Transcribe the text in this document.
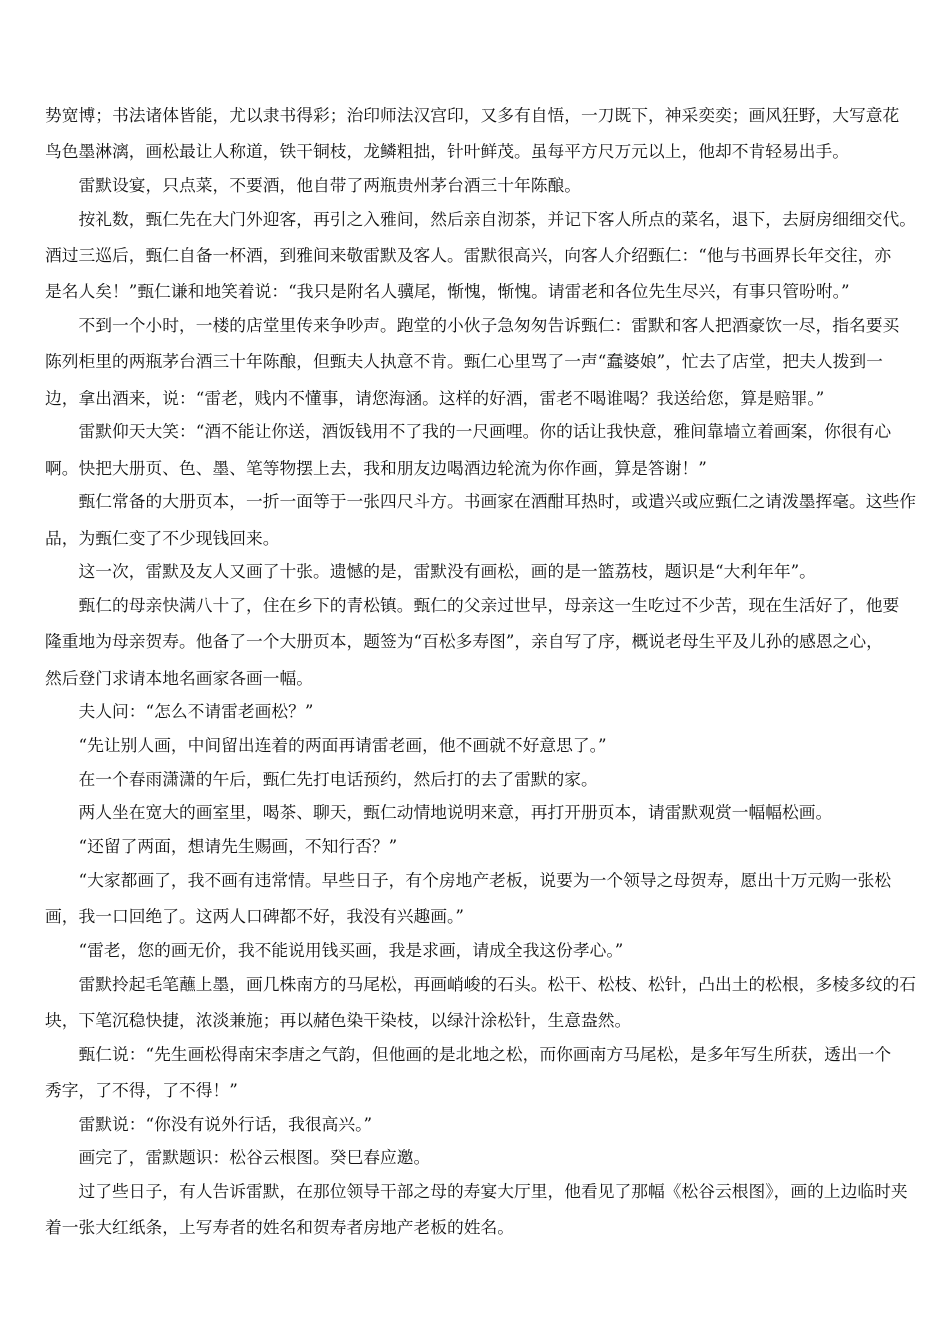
势宽博；书法诸体皆能，尤以隶书得彩；治印师法汉宫印，又多有自悟，一刀既下，神采奕奕；画风狂野，大写意花
鸟色墨淋漓，画松最让人称道，铁干铜枝，龙鳞粗拙，针叶鲜茂。虽每平方尺万元以上，他却不肯轻易出手。
雷默设宴，只点菜，不要酒，他自带了两瓶贵州茅台酒三十年陈酿。
按礼数，甄仁先在大门外迎客，再引之入雅间，然后亲自沏茶，并记下客人所点的菜名，退下，去厨房细细交代。
酒过三巡后，甄仁自备一杯酒，到雅间来敬雷默及客人。雷默很高兴，向客人介绍甄仁：“他与书画界长年交往，亦
是名人矣！”甄仁谦和地笑着说：“我只是附名人骥尾，惭愧，惭愧。请雷老和各位先生尽兴，有事只管吩咐。”
不到一个小时，一楼的店堂里传来争吵声。跑堂的小伙子急匆匆告诉甄仁：雷默和客人把酒豪饮一尽，指名要买
陈列柜里的两瓶茅台酒三十年陈酿，但甄夫人执意不肯。甄仁心里骂了一声“蠢婆娘”，忙去了店堂，把夫人拨到一
边，拿出酒来，说：“雷老，贱内不懂事，请您海涵。这样的好酒，雷老不喝谁喝？我送给您，算是赔罪。”
雷默仰天大笑：“酒不能让你送，酒饭钱用不了我的一尺画哩。你的话让我快意，雅间靠墙立着画案，你很有心
啊。快把大册页、色、墨、笔等物摆上去，我和朋友边喝酒边轮流为你作画，算是答谢！”
甄仁常备的大册页本，一折一面等于一张四尺斗方。书画家在酒酣耳热时，或遣兴或应甄仁之请泼墨挥毫。这些作
品，为甄仁变了不少现钱回来。
这一次，雷默及友人又画了十张。遗憾的是，雷默没有画松，画的是一篮荔枝，题识是“大利年年”。
甄仁的母亲快满八十了，住在乡下的青松镇。甄仁的父亲过世早，母亲这一生吃过不少苦，现在生活好了，他要
隆重地为母亲贺寿。他备了一个大册页本，题签为“百松多寿图”，亲自写了序，概说老母生平及儿孙的感恩之心，
然后登门求请本地名画家各画一幅。
夫人问：“怎么不请雷老画松？”
“先让别人画，中间留出连着的两面再请雷老画，他不画就不好意思了。”
在一个春雨潇潇的午后，甄仁先打电话预约，然后打的去了雷默的家。
两人坐在宽大的画室里，喝茶、聊天，甄仁动情地说明来意，再打开册页本，请雷默观赏一幅幅松画。
“还留了两面，想请先生赐画，不知行否？”
“大家都画了，我不画有违常情。早些日子，有个房地产老板，说要为一个领导之母贺寿，愿出十万元购一张松
画，我一口回绝了。这两人口碑都不好，我没有兴趣画。”
“雷老，您的画无价，我不能说用钱买画，我是求画，请成全我这份孝心。”
雷默拎起毛笔蘸上墨，画几株南方的马尾松，再画峭峻的石头。松干、松枝、松针，凸出土的松根，多棱多纹的石
块，下笔沉稳快捷，浓淡兼施；再以赭色染干染枝，以绿汁涂松针，生意盎然。
甄仁说：“先生画松得南宋李唐之气韵，但他画的是北地之松，而你画南方马尾松，是多年写生所获，透出一个
秀字，了不得，了不得！”
雷默说：“你没有说外行话，我很高兴。”
画完了，雷默题识：松谷云根图。癸巳春应邀。
过了些日子，有人告诉雷默，在那位领导干部之母的寿宴大厅里，他看见了那幅《松谷云根图》，画的上边临时夹
着一张大红纸条，上写寿者的姓名和贺寿者房地产老板的姓名。
